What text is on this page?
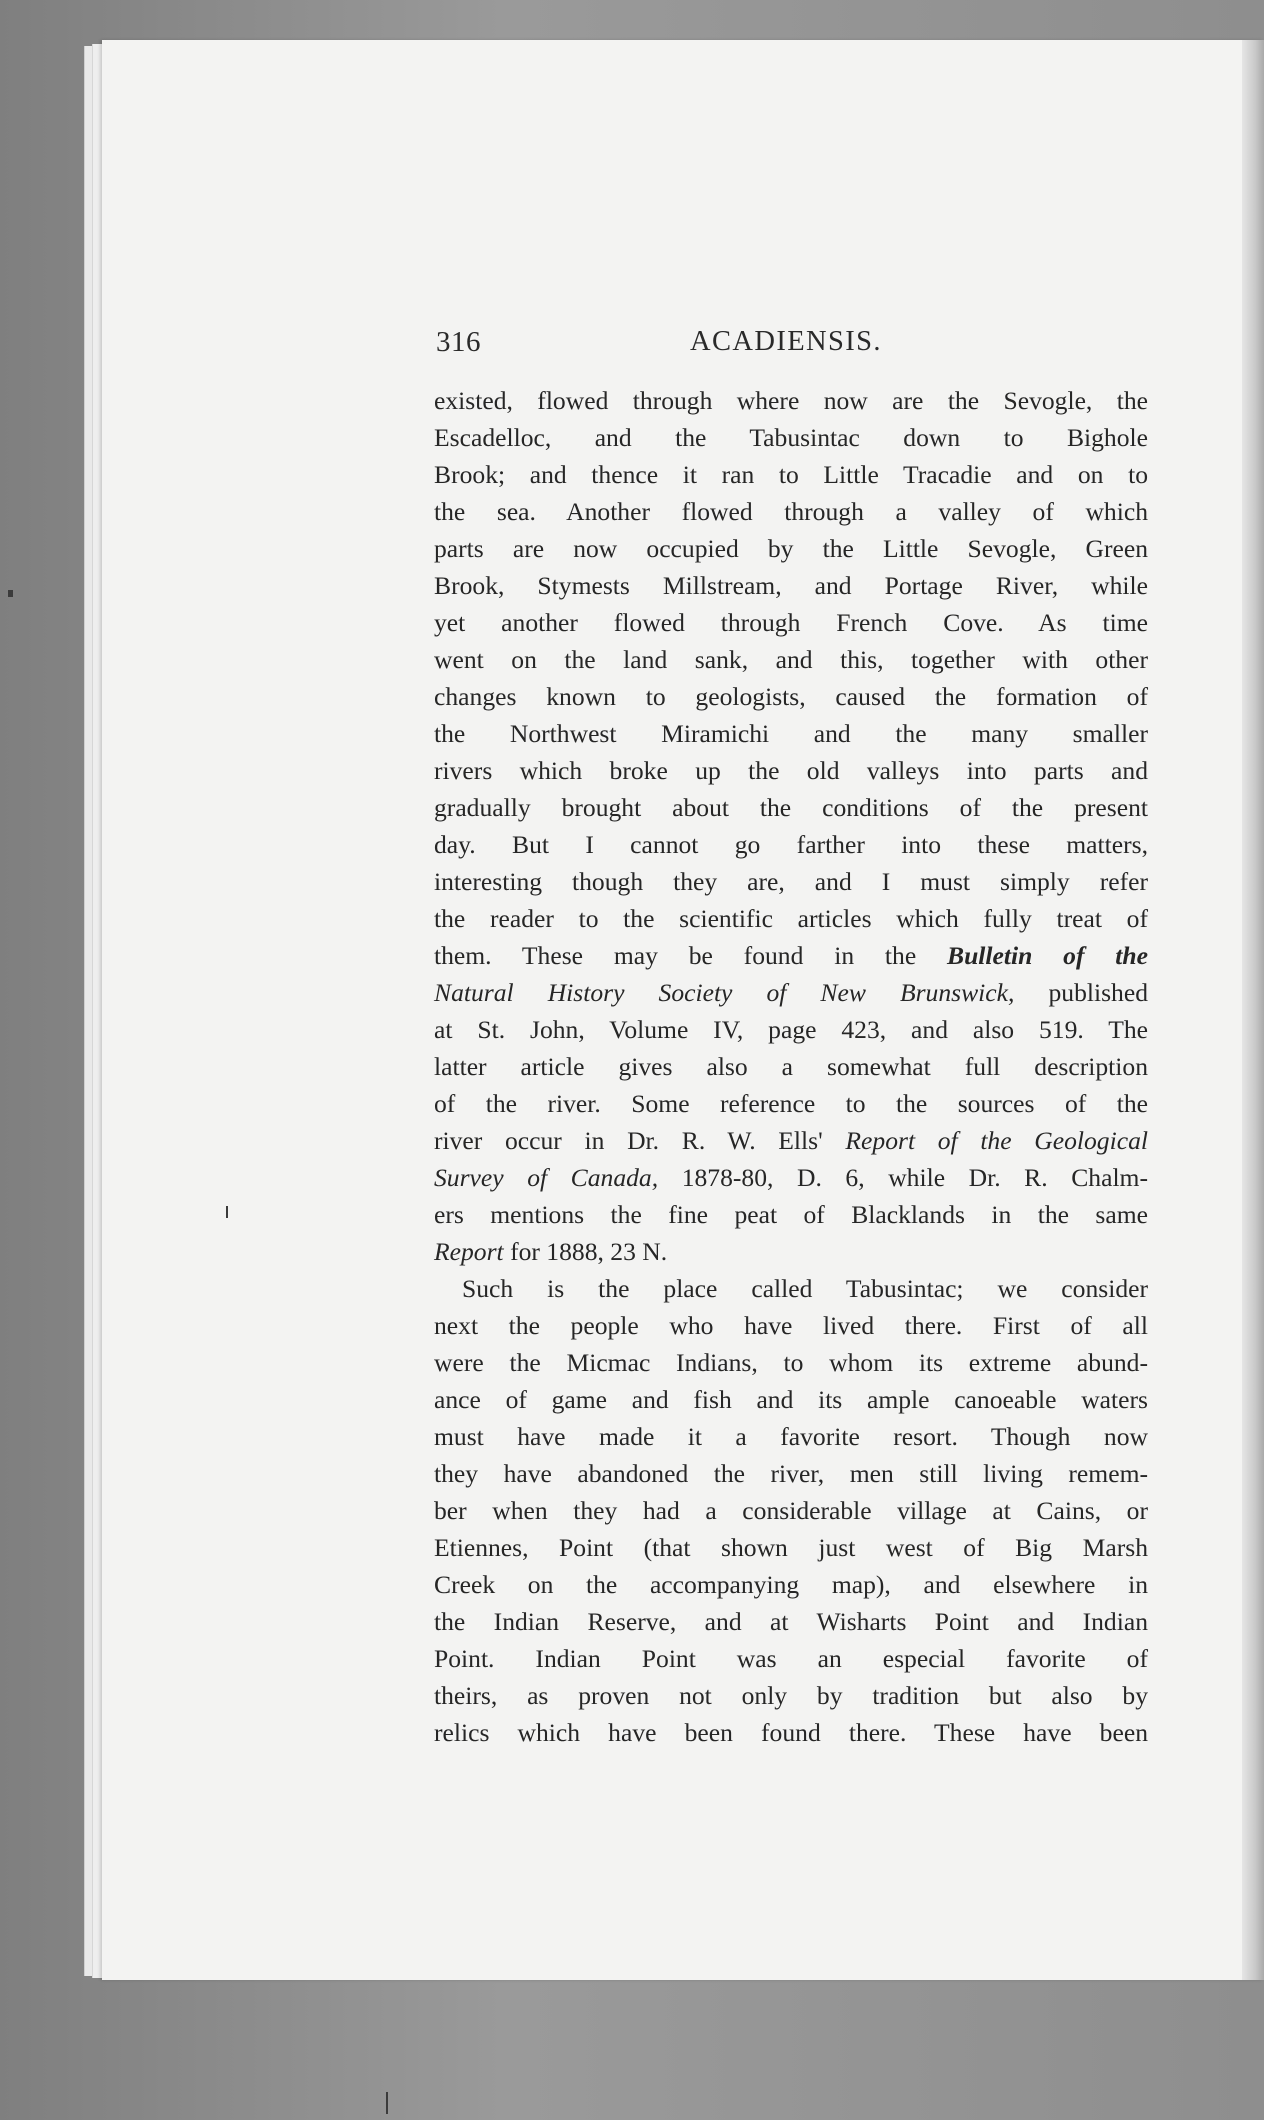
316	ACADIENSIS.
existed, flowed through where now are the Sevogle, the
Escadelloc, and the Tabusintac down to Bighole
Brook; and thence it ran to Little Tracadie and on to
the sea. Another flowed through a valley of which
parts are now occupied by the Little Sevogle, Green
Brook, Stymests Millstream, and Portage River, while
yet another flowed through French Cove. As time
went on the land sank, and this, together with other
changes known to geologists, caused the formation of
the Northwest Miramichi and the many smaller
rivers which broke up the old valleys into parts and
gradually brought about the conditions of the present
day. But I cannot go farther into these matters,
interesting though they are, and I must simply refer
the reader to the scientific articles which fully treat of
them. These may be found in the Bulletin of the
Natural History Society of New Brunswick, published
at St. John, Volume IV, page 423, and also 519. The
latter article gives also a somewhat full description
of the river. Some reference to the sources of the
river occur in Dr. R. W. Ells' Report of the Geological
Survey of Canada, 1878-80, D. 6, while Dr. R. Chalm-
ers mentions the fine peat of Blacklands in the same
Report for 1888, 23 N.
Such is the place called Tabusintac; we consider
next the people who have lived there. First of all
were the Micmac Indians, to whom its extreme abund-
ance of game and fish and its ample canoeable waters
must have made it a favorite resort. Though now
they have abandoned the river, men still living remem-
ber when they had a considerable village at Cains, or
Etiennes, Point (that shown just west of Big Marsh
Creek on the accompanying map), and elsewhere in
the Indian Reserve, and at Wisharts Point and Indian
Point. Indian Point was an especial favorite of
theirs, as proven not only by tradition but also by
relics which have been found there. These have been
